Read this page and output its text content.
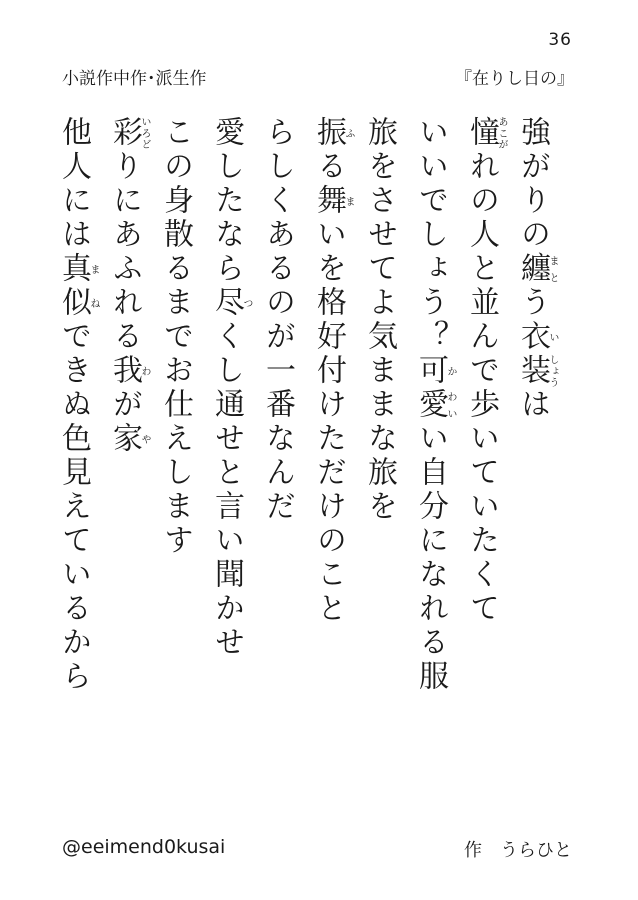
36
小説作中作･派生作	『在りし日の』
強がりの纏まとう衣い装しょうは
憧あこがれの人と並んで歩いていたくて
いいでしょう？可か愛わいい自分になれる服
旅をさせてよ気ままな旅を
振ふる舞まいを格好付けただけのこと
らしくあるのが一番なんだ
愛したなら尽つくし通せと言い聞かせ
この身散るまでお仕えします
彩いろどりにあふれる我わが家や
他人には真ま似ねできぬ色見えているから
@eeimend0kusai	作　うらひと
